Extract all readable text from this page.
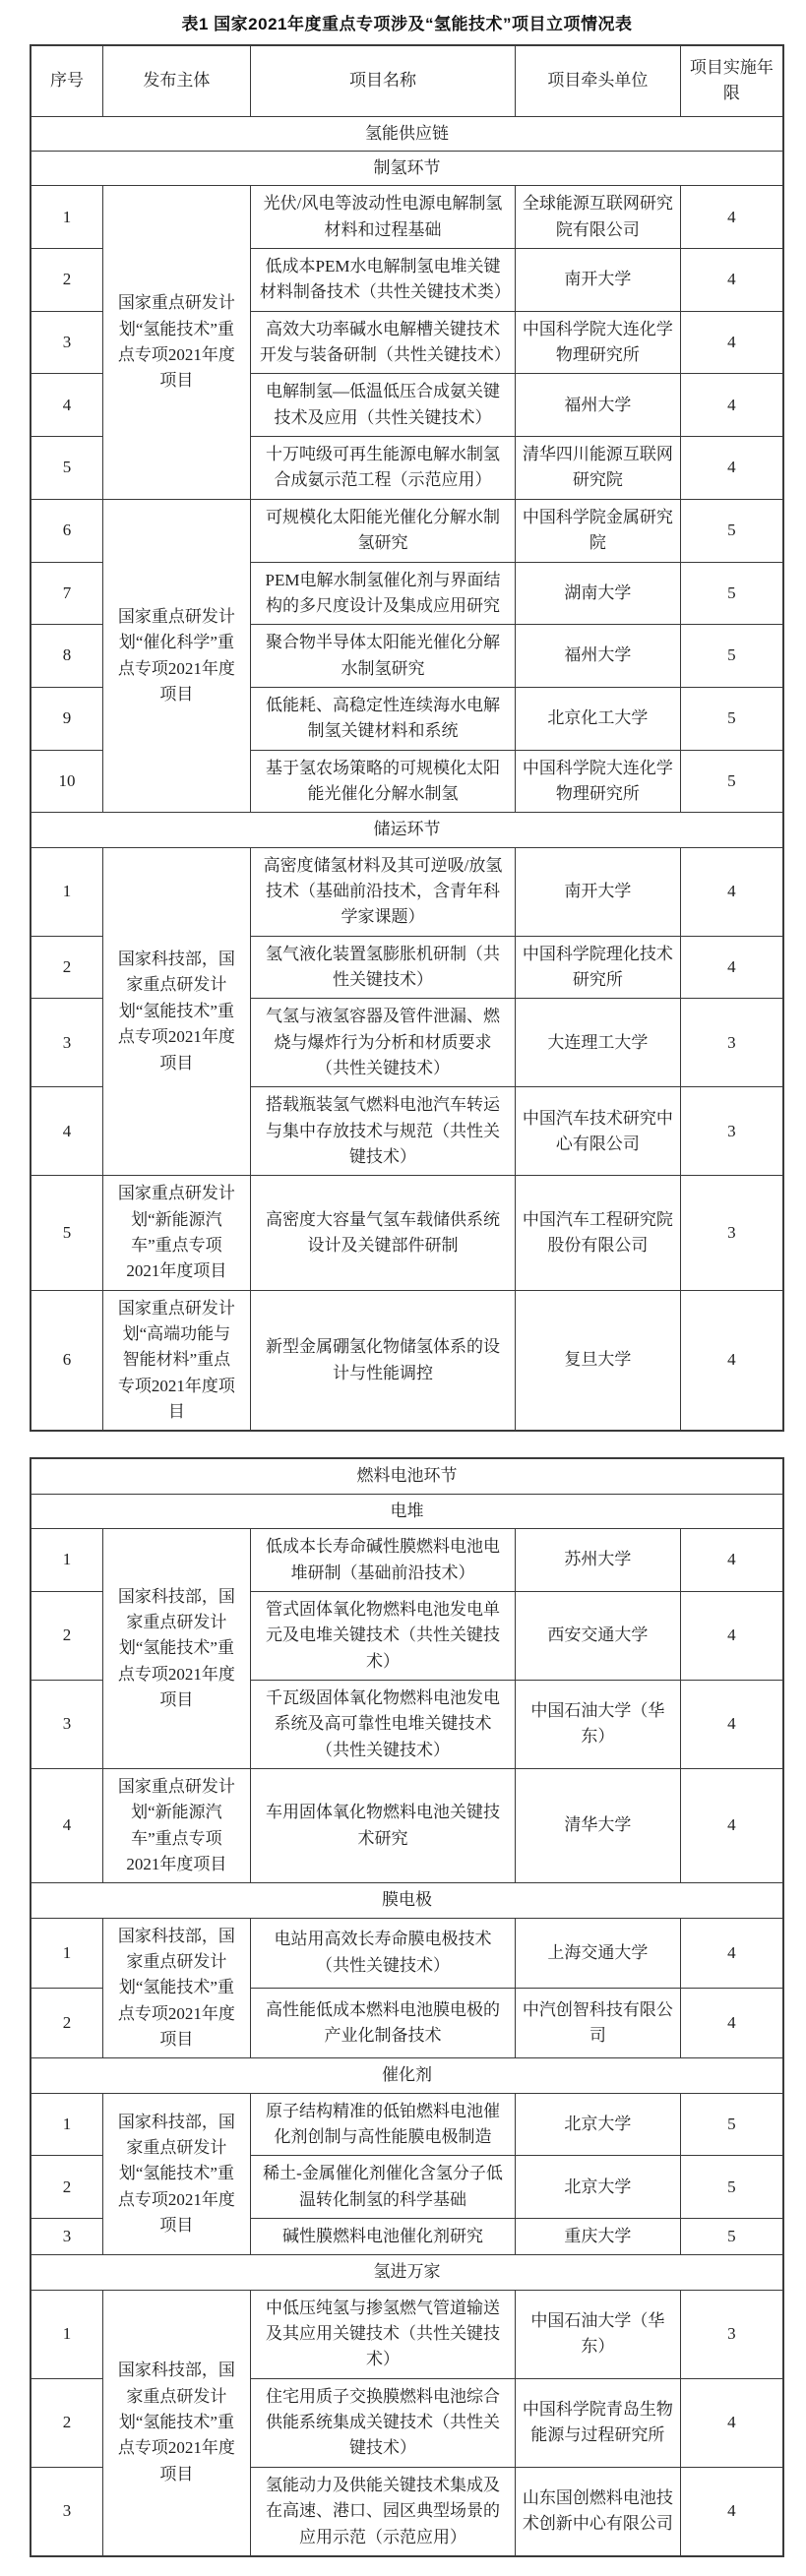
表1 国家2021年度重点专项涉及“氢能技术”项目立项情况表
序号	发布主体	项目名称	项目牵头单位	项目实施年限
氢能供应链				
制氢环节				
1	国家重点研发计划“氢能技术”重点专项2021年度项目	光伏/风电等波动性电源电解制氢材料和过程基础	全球能源互联网研究院有限公司	4
2		低成本PEM水电解制氢电堆关键材料制备技术（共性关键技术类）	南开大学	4
3		高效大功率碱水电解槽关键技术开发与装备研制（共性关键技术）	中国科学院大连化学物理研究所	4
4		电解制氢—低温低压合成氨关键技术及应用（共性关键技术）	福州大学	4
5		十万吨级可再生能源电解水制氢合成氨示范工程（示范应用）	清华四川能源互联网研究院	4
6	国家重点研发计划“催化科学”重点专项2021年度项目	可规模化太阳能光催化分解水制氢研究	中国科学院金属研究院	5
7		PEM电解水制氢催化剂与界面结构的多尺度设计及集成应用研究	湖南大学	5
8		聚合物半导体太阳能光催化分解水制氢研究	福州大学	5
9		低能耗、高稳定性连续海水电解制氢关键材料和系统	北京化工大学	5
10		基于氢农场策略的可规模化太阳能光催化分解水制氢	中国科学院大连化学物理研究所	5
储运环节				
1	国家科技部，国家重点研发计划“氢能技术”重点专项2021年度项目	高密度储氢材料及其可逆吸/放氢技术（基础前沿技术，含青年科学家课题）	南开大学	4
2		氢气液化装置氢膨胀机研制（共性关键技术）	中国科学院理化技术研究所	4
3		气氢与液氢容器及管件泄漏、燃烧与爆炸行为分析和材质要求（共性关键技术）	大连理工大学	3
4		搭载瓶装氢气燃料电池汽车转运与集中存放技术与规范（共性关键技术）	中国汽车技术研究中心有限公司	3
5	国家重点研发计划“新能源汽车”重点专项2021年度项目	高密度大容量气氢车载储供系统设计及关键部件研制	中国汽车工程研究院股份有限公司	3
6	国家重点研发计划“高端功能与智能材料”重点专项2021年度项目	新型金属硼氢化物储氢体系的设计与性能调控	复旦大学	4
燃料电池环节				
电堆				
1	国家科技部，国家重点研发计划“氢能技术”重点专项2021年度项目	低成本长寿命碱性膜燃料电池电堆研制（基础前沿技术）	苏州大学	4
2		管式固体氧化物燃料电池发电单元及电堆关键技术（共性关键技术）	西安交通大学	4
3		千瓦级固体氧化物燃料电池发电系统及高可靠性电堆关键技术（共性关键技术）	中国石油大学（华东）	4
4	国家重点研发计划“新能源汽车”重点专项2021年度项目	车用固体氧化物燃料电池关键技术研究	清华大学	4
膜电极				
1	国家科技部，国家重点研发计划“氢能技术”重点专项2021年度项目	电站用高效长寿命膜电极技术（共性关键技术）	上海交通大学	4
2		高性能低成本燃料电池膜电极的产业化制备技术	中汽创智科技有限公司	4
催化剂				
1	国家科技部，国家重点研发计划“氢能技术”重点专项2021年度项目	原子结构精准的低铂燃料电池催化剂创制与高性能膜电极制造	北京大学	5
2		稀土-金属催化剂催化含氢分子低温转化制氢的科学基础	北京大学	5
3		碱性膜燃料电池催化剂研究	重庆大学	5
氢进万家				
1	国家科技部，国家重点研发计划“氢能技术”重点专项2021年度项目	中低压纯氢与掺氢燃气管道输送及其应用关键技术（共性关键技术）	中国石油大学（华东）	3
2		住宅用质子交换膜燃料电池综合供能系统集成关键技术（共性关键技术）	中国科学院青岛生物能源与过程研究所	4
3		氢能动力及供能关键技术集成及在高速、港口、园区典型场景的应用示范（示范应用）	山东国创燃料电池技术创新中心有限公司	4
